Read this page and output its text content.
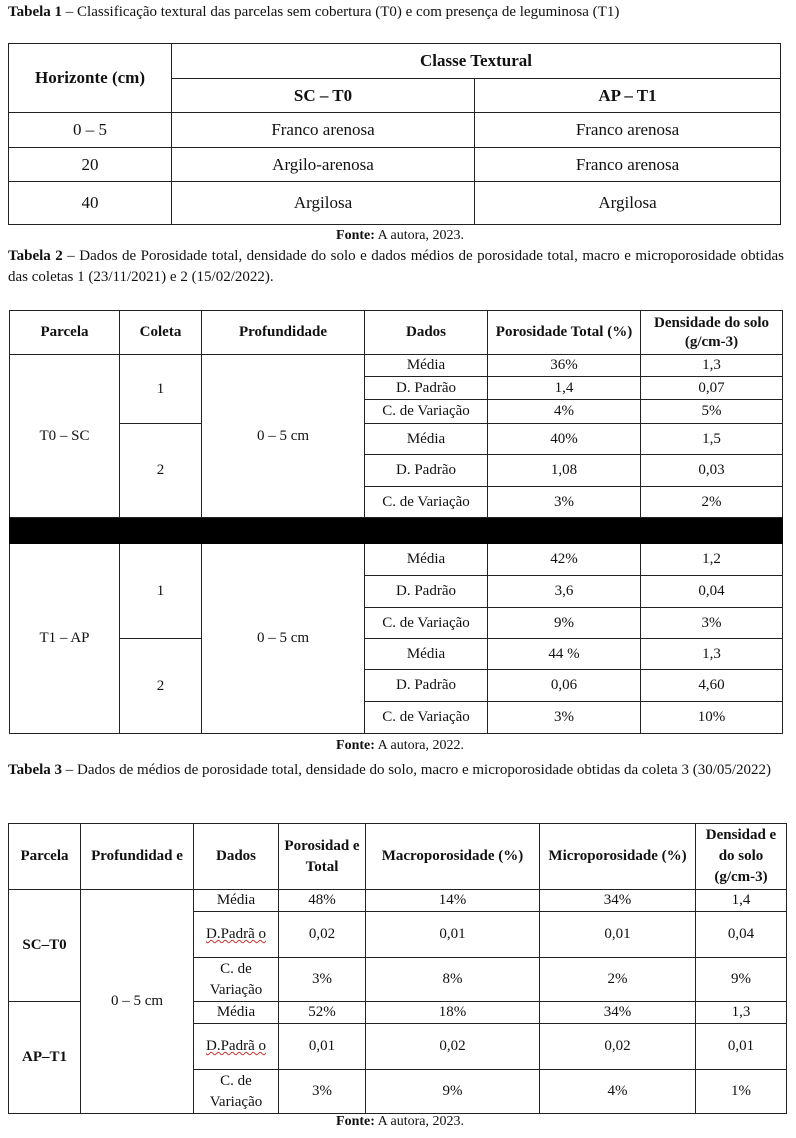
Tabela 1 – Classificação textural das parcelas sem cobertura (T0) e com presença de leguminosa (T1)
Horizonte (cm)	Classe Textural	
	SC – T0	AP – T1
0 – 5	Franco arenosa	Franco arenosa
20	Argilo-arenosa	Franco arenosa
40	Argilosa	Argilosa
Fonte: A autora, 2023.
Tabela 2 – Dados de Porosidade total, densidade do solo e dados médios de porosidade total, macro e microporosidade obtidas das coletas 1 (23/11/2021) e 2 (15/02/2022).
Parcela	Coleta	Profundidade	Dados	Porosidade Total (%)	Densidade do solo (g/cm-3)
T0 – SC	1	0 – 5 cm	Média	36%	1,3
			D. Padrão	1,4	0,07
			C. de Variação	4%	5%
	2		Média	40%	1,5
			D. Padrão	1,08	0,03
			C. de Variação	3%	2%

T1 – AP	1	0 – 5 cm	Média	42%	1,2
			D. Padrão	3,6	0,04
			C. de Variação	9%	3%
	2		Média	44 %	1,3
			D. Padrão	0,06	4,60
			C. de Variação	3%	10%
Fonte: A autora, 2022.
Tabela 3 – Dados de médios de porosidade total, densidade do solo, macro e microporosidade obtidas da coleta 3 (30/05/2022)
Parcela	Profundidad e	Dados	Porosidad e Total	Macroporosidade (%)	Microporosidade (%)	Densidad e do solo (g/cm-3)
SC–T0	0 – 5 cm	Média	48%	14%	34%	1,4
		D.Padrã o	0,02	0,01	0,01	0,04
		C. de Variação	3%	8%	2%	9%
AP–T1		Média	52%	18%	34%	1,3
		D.Padrã o	0,01	0,02	0,02	0,01
		C. de Variação	3%	9%	4%	1%
Fonte: A autora, 2023.
